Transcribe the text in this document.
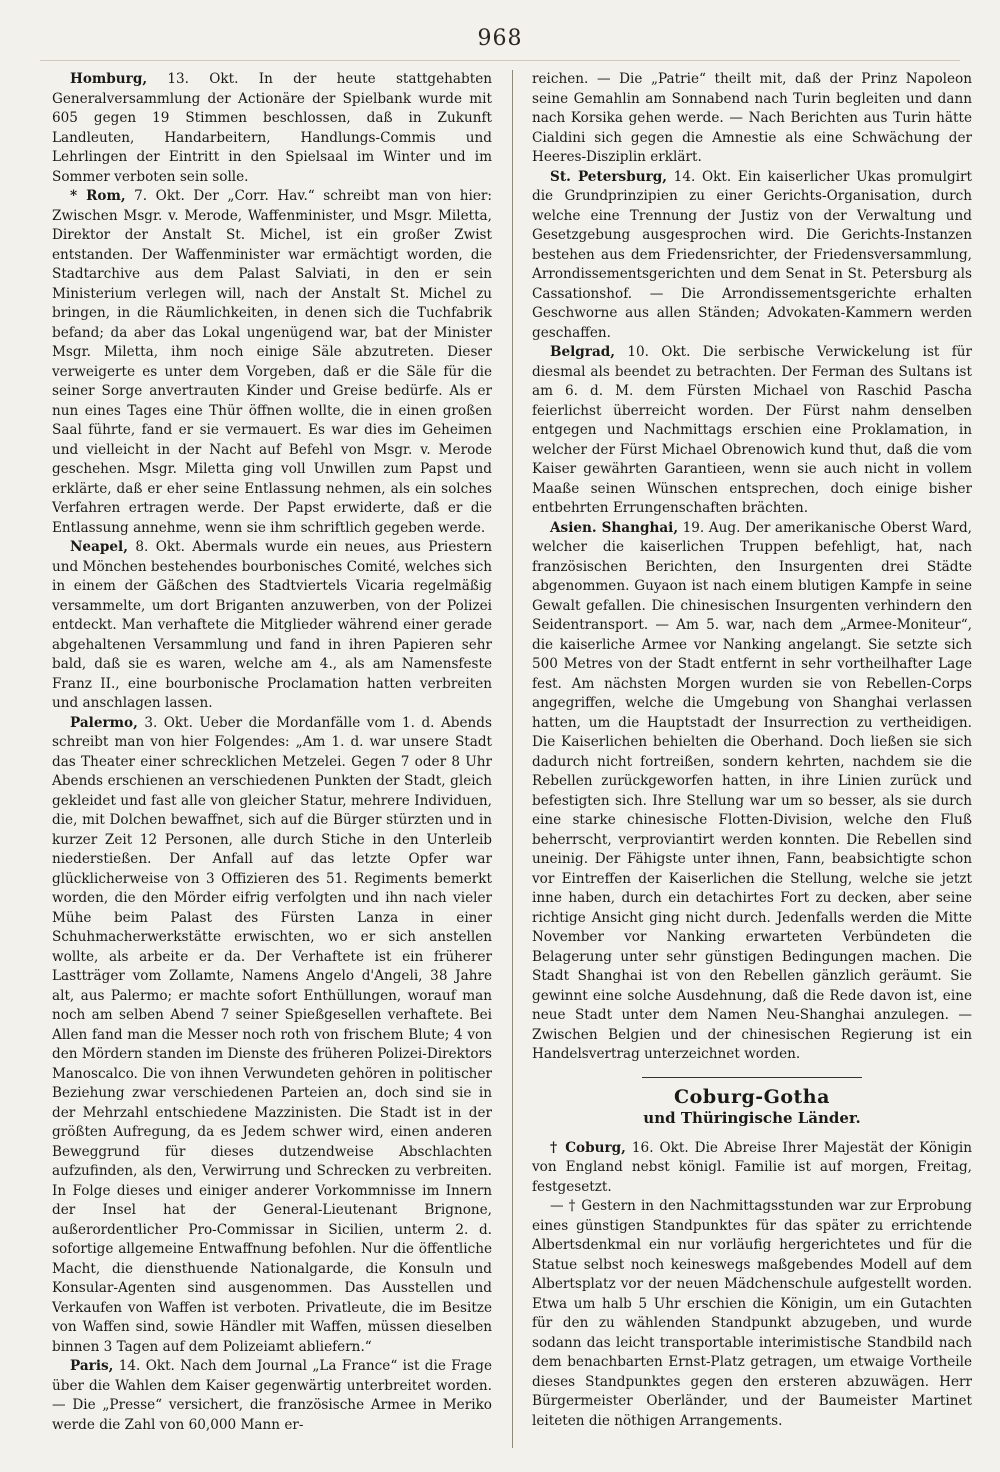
968

Homburg, 13. Okt. In der heute stattgehabten Generalversammlung der Actionäre der Spielbank wurde mit 605 gegen 19 Stimmen beschlossen, daß in Zukunft Landleuten, Handarbeitern, Handlungs-Commis und Lehrlingen der Eintritt in den Spielsaal im Winter und im Sommer verboten sein solle.

* Rom, 7. Okt. Der „Corr. Hav.“ schreibt man von hier: Zwischen Msgr. v. Merode, Waffenminister, und Msgr. Miletta, Direktor der Anstalt St. Michel, ist ein großer Zwist entstanden. Der Waffenminister war ermächtigt worden, die Stadtarchive aus dem Palast Salviati, in den er sein Ministerium verlegen will, nach der Anstalt St. Michel zu bringen, in die Räumlichkeiten, in denen sich die Tuchfabrik befand; da aber das Lokal ungenügend war, bat der Minister Msgr. Miletta, ihm noch einige Säle abzutreten. Dieser verweigerte es unter dem Vorgeben, daß er die Säle für die seiner Sorge anvertrauten Kinder und Greise bedürfe. Als er nun eines Tages eine Thür öffnen wollte, die in einen großen Saal führte, fand er sie vermauert. Es war dies im Geheimen und vielleicht in der Nacht auf Befehl von Msgr. v. Merode geschehen. Msgr. Miletta ging voll Unwillen zum Papst und erklärte, daß er eher seine Entlassung nehmen, als ein solches Verfahren ertragen werde. Der Papst erwiderte, daß er die Entlassung annehme, wenn sie ihm schriftlich gegeben werde.

Neapel, 8. Okt. Abermals wurde ein neues, aus Priestern und Mönchen bestehendes bourbonisches Comité, welches sich in einem der Gäßchen des Stadtviertels Vicaria regelmäßig versammelte, um dort Briganten anzuwerben, von der Polizei entdeckt. Man verhaftete die Mitglieder während einer gerade abgehaltenen Versammlung und fand in ihren Papieren sehr bald, daß sie es waren, welche am 4., als am Namensfeste Franz II., eine bourbonische Proclamation hatten verbreiten und anschlagen lassen.

Palermo, 3. Okt. Ueber die Mordanfälle vom 1. d. Abends schreibt man von hier Folgendes: „Am 1. d. war unsere Stadt das Theater einer schrecklichen Metzelei. Gegen 7 oder 8 Uhr Abends erschienen an verschiedenen Punkten der Stadt, gleich gekleidet und fast alle von gleicher Statur, mehrere Individuen, die, mit Dolchen bewaffnet, sich auf die Bürger stürzten und in kurzer Zeit 12 Personen, alle durch Stiche in den Unterleib niederstießen. Der Anfall auf das letzte Opfer war glücklicherweise von 3 Offizieren des 51. Regiments bemerkt worden, die den Mörder eifrig verfolgten und ihn nach vieler Mühe beim Palast des Fürsten Lanza in einer Schuhmacherwerkstätte erwischten, wo er sich anstellen wollte, als arbeite er da. Der Verhaftete ist ein früherer Lastträger vom Zollamte, Namens Angelo d'Angeli, 38 Jahre alt, aus Palermo; er machte sofort Enthüllungen, worauf man noch am selben Abend 7 seiner Spießgesellen verhaftete. Bei Allen fand man die Messer noch roth von frischem Blute; 4 von den Mördern standen im Dienste des früheren Polizei-Direktors Manoscalco. Die von ihnen Verwundeten gehören in politischer Beziehung zwar verschiedenen Parteien an, doch sind sie in der Mehrzahl entschiedene Mazzinisten. Die Stadt ist in der größten Aufregung, da es Jedem schwer wird, einen anderen Beweggrund für dieses dutzendweise Abschlachten aufzufinden, als den, Verwirrung und Schrecken zu verbreiten. In Folge dieses und einiger anderer Vorkommnisse im Innern der Insel hat der General-Lieutenant Brignone, außerordentlicher Pro-Commissar in Sicilien, unterm 2. d. sofortige allgemeine Entwaffnung befohlen. Nur die öffentliche Macht, die diensthuende Nationalgarde, die Konsuln und Konsular-Agenten sind ausgenommen. Das Ausstellen und Verkaufen von Waffen ist verboten. Privatleute, die im Besitze von Waffen sind, sowie Händler mit Waffen, müssen dieselben binnen 3 Tagen auf dem Polizeiamt abliefern.“

Paris, 14. Okt. Nach dem Journal „La France“ ist die Frage über die Wahlen dem Kaiser gegenwärtig unterbreitet worden. — Die „Presse“ versichert, die französische Armee in Meriko werde die Zahl von 60,000 Mann er-

reichen. — Die „Patrie“ theilt mit, daß der Prinz Napoleon seine Gemahlin am Sonnabend nach Turin begleiten und dann nach Korsika gehen werde. — Nach Berichten aus Turin hätte Cialdini sich gegen die Amnestie als eine Schwächung der Heeres-Disziplin erklärt.

St. Petersburg, 14. Okt. Ein kaiserlicher Ukas promulgirt die Grundprinzipien zu einer Gerichts-Organisation, durch welche eine Trennung der Justiz von der Verwaltung und Gesetzgebung ausgesprochen wird. Die Gerichts-Instanzen bestehen aus dem Friedensrichter, der Friedensversammlung, Arrondissementsgerichten und dem Senat in St. Petersburg als Cassationshof. — Die Arrondissementsgerichte erhalten Geschworne aus allen Ständen; Advokaten-Kammern werden geschaffen.

Belgrad, 10. Okt. Die serbische Verwickelung ist für diesmal als beendet zu betrachten. Der Ferman des Sultans ist am 6. d. M. dem Fürsten Michael von Raschid Pascha feierlichst überreicht worden. Der Fürst nahm denselben entgegen und Nachmittags erschien eine Proklamation, in welcher der Fürst Michael Obrenowich kund thut, daß die vom Kaiser gewährten Garantieen, wenn sie auch nicht in vollem Maaße seinen Wünschen entsprechen, doch einige bisher entbehrten Errungenschaften brächten.

Asien. Shanghai, 19. Aug. Der amerikanische Oberst Ward, welcher die kaiserlichen Truppen befehligt, hat, nach französischen Berichten, den Insurgenten drei Städte abgenommen. Guyaon ist nach einem blutigen Kampfe in seine Gewalt gefallen. Die chinesischen Insurgenten verhindern den Seidentransport. — Am 5. war, nach dem „Armee-Moniteur“, die kaiserliche Armee vor Nanking angelangt. Sie setzte sich 500 Metres von der Stadt entfernt in sehr vortheilhafter Lage fest. Am nächsten Morgen wurden sie von Rebellen-Corps angegriffen, welche die Umgebung von Shanghai verlassen hatten, um die Hauptstadt der Insurrection zu vertheidigen. Die Kaiserlichen behielten die Oberhand. Doch ließen sie sich dadurch nicht fortreißen, sondern kehrten, nachdem sie die Rebellen zurückgeworfen hatten, in ihre Linien zurück und befestigten sich. Ihre Stellung war um so besser, als sie durch eine starke chinesische Flotten-Division, welche den Fluß beherrscht, verproviantirt werden konnten. Die Rebellen sind uneinig. Der Fähigste unter ihnen, Fann, beabsichtigte schon vor Eintreffen der Kaiserlichen die Stellung, welche sie jetzt inne haben, durch ein detachirtes Fort zu decken, aber seine richtige Ansicht ging nicht durch. Jedenfalls werden die Mitte November vor Nanking erwarteten Verbündeten die Belagerung unter sehr günstigen Bedingungen machen. Die Stadt Shanghai ist von den Rebellen gänzlich geräumt. Sie gewinnt eine solche Ausdehnung, daß die Rede davon ist, eine neue Stadt unter dem Namen Neu-Shanghai anzulegen. — Zwischen Belgien und der chinesischen Regierung ist ein Handelsvertrag unterzeichnet worden.

Coburg-Gotha
und Thüringische Länder.

† Coburg, 16. Okt. Die Abreise Ihrer Majestät der Königin von England nebst königl. Familie ist auf morgen, Freitag, festgesetzt.

— † Gestern in den Nachmittagsstunden war zur Erprobung eines günstigen Standpunktes für das später zu errichtende Albertsdenkmal ein nur vorläufig hergerichtetes und für die Statue selbst noch keineswegs maßgebendes Modell auf dem Albertsplatz vor der neuen Mädchenschule aufgestellt worden. Etwa um halb 5 Uhr erschien die Königin, um ein Gutachten für den zu wählenden Standpunkt abzugeben, und wurde sodann das leicht transportable interimistische Standbild nach dem benachbarten Ernst-Platz getragen, um etwaige Vortheile dieses Standpunktes gegen den ersteren abzuwägen. Herr Bürgermeister Oberländer, und der Baumeister Martinet leiteten die nöthigen Arrangements.
